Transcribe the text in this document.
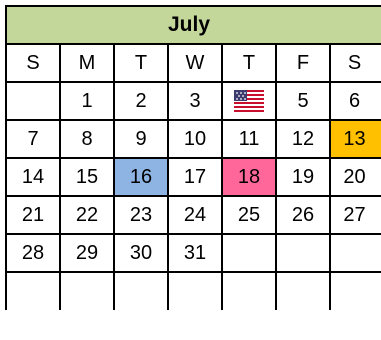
July
S	M	T	W	T	F	S
	1	2	3		5	6
7	8	9	10	11	12	13
14	15	16	17	18	19	20
21	22	23	24	25	26	27
28	29	30	31			
